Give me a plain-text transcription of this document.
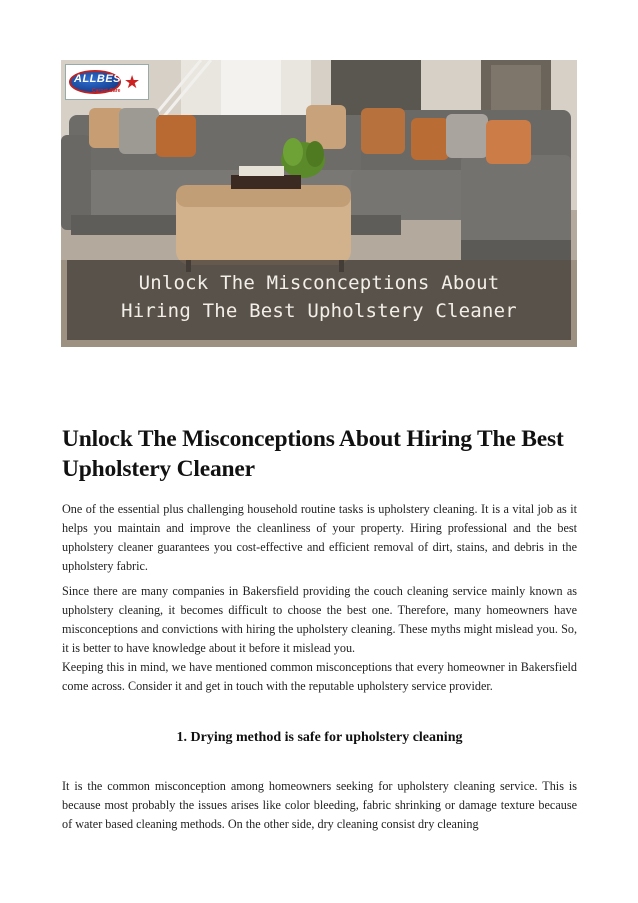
ALLBEST
Carpet Care ★
Unlock The Misconceptions About
Hiring The Best Upholstery Cleaner
Unlock The Misconceptions About Hiring The Best Upholstery Cleaner

One of the essential plus challenging household routine tasks is upholstery cleaning. It is a vital job as it helps you maintain and improve the cleanliness of your property. Hiring professional and the best upholstery cleaner guarantees you cost-effective and efficient removal of dirt, stains, and debris in the upholstery fabric.

Since there are many companies in Bakersfield providing the couch cleaning service mainly known as upholstery cleaning, it becomes difficult to choose the best one. Therefore, many homeowners have misconceptions and convictions with hiring the upholstery cleaning. These myths might mislead you. So, it is better to have knowledge about it before it mislead you.

Keeping this in mind, we have mentioned common misconceptions that every homeowner in Bakersfield come across. Consider it and get in touch with the reputable upholstery service provider.

1. Drying method is safe for upholstery cleaning

It is the common misconception among homeowners seeking for upholstery cleaning service. This is because most probably the issues arises like color bleeding, fabric shrinking or damage texture because of water based cleaning methods. On the other side, dry cleaning consist dry cleaning
